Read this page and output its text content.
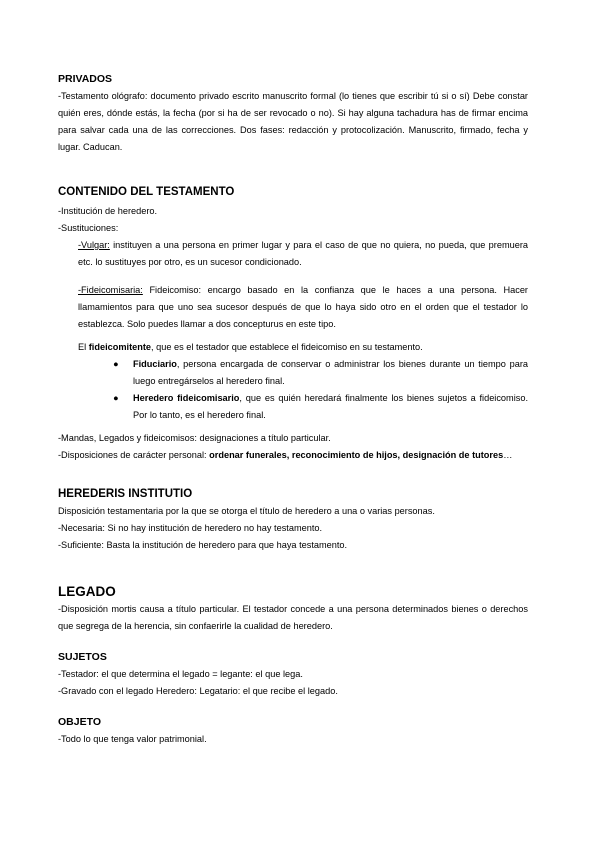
PRIVADOS
-Testamento ológrafo: documento privado escrito manuscrito formal (lo tienes que escribir tú si o sí) Debe constar quién eres, dónde estás, la fecha (por si ha de ser revocado o no). Si hay alguna tachadura has de firmar encima para salvar cada una de las correcciones. Dos fases: redacción y protocolización. Manuscrito, firmado, fecha y lugar. Caducan.
CONTENIDO DEL TESTAMENTO

-Institución de heredero.

-Sustituciones:

-Vulgar: instituyen a una persona en primer lugar y para el caso de que no quiera, no pueda, que premuera etc. lo sustituyes por otro, es un sucesor condicionado.

-Fideicomisaria: Fideicomiso: encargo basado en la confianza que le haces a una persona. Hacer llamamientos para que uno sea sucesor después de que lo haya sido otro en el orden que el testador lo establezca. Solo puedes llamar a dos concepturus en este tipo.

El fideicomitente, que es el testador que establece el fideicomiso en su testamento.

● Fiduciario, persona encargada de conservar o administrar los bienes durante un tiempo para luego entregárselos al heredero final.
● Heredero fideicomisario, que es quién heredará finalmente los bienes sujetos a fideicomiso. Por lo tanto, es el heredero final.

-Mandas, Legados y fideicomisos: designaciones a título particular.

-Disposiciones de carácter personal: ordenar funerales, reconocimiento de hijos, designación de tutores…

HEREDERIS INSTITUTIO

Disposición testamentaria por la que se otorga el título de heredero a una o varias personas.

-Necesaria: Si no hay institución de heredero no hay testamento.

-Suficiente: Basta la institución de heredero para que haya testamento.

LEGADO
-Disposición mortis causa a título particular. El testador concede a una persona determinados bienes o derechos que segrega de la herencia, sin confaerirle la cualidad de heredero.
SUJETOS

-Testador: el que determina el legado = legante: el que lega.

-Gravado con el legado Heredero: Legatario: el que recibe el legado.

OBJETO
-Todo lo que tenga valor patrimonial.
